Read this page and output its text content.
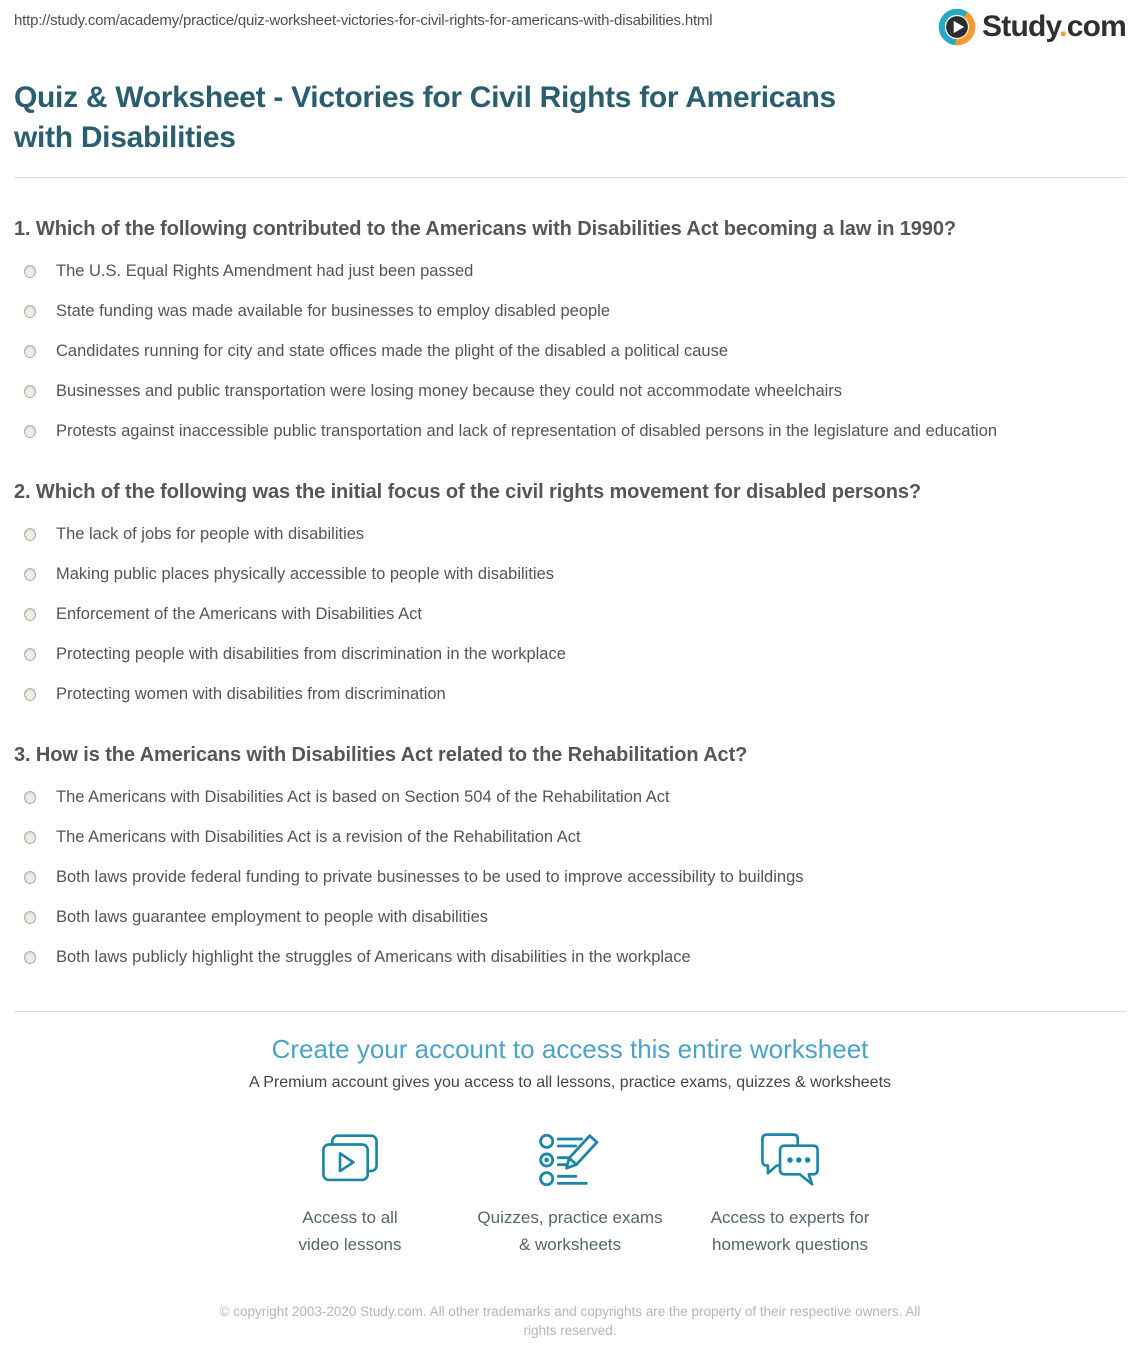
http://study.com/academy/practice/quiz-worksheet-victories-for-civil-rights-for-americans-with-disabilities.html	Study.com
Quiz & Worksheet - Victories for Civil Rights for Americans with Disabilities
1. Which of the following contributed to the Americans with Disabilities Act becoming a law in 1990?
The U.S. Equal Rights Amendment had just been passed
State funding was made available for businesses to employ disabled people
Candidates running for city and state offices made the plight of the disabled a political cause
Businesses and public transportation were losing money because they could not accommodate wheelchairs
Protests against inaccessible public transportation and lack of representation of disabled persons in the legislature and education
2. Which of the following was the initial focus of the civil rights movement for disabled persons?
The lack of jobs for people with disabilities
Making public places physically accessible to people with disabilities
Enforcement of the Americans with Disabilities Act
Protecting people with disabilities from discrimination in the workplace
Protecting women with disabilities from discrimination
3. How is the Americans with Disabilities Act related to the Rehabilitation Act?
The Americans with Disabilities Act is based on Section 504 of the Rehabilitation Act
The Americans with Disabilities Act is a revision of the Rehabilitation Act
Both laws provide federal funding to private businesses to be used to improve accessibility to buildings
Both laws guarantee employment to people with disabilities
Both laws publicly highlight the struggles of Americans with disabilities in the workplace
Create your account to access this entire worksheet
A Premium account gives you access to all lessons, practice exams, quizzes & worksheets
Access to all
video lessons
Quizzes, practice exams
& worksheets
Access to experts for
homework questions
© copyright 2003-2020 Study.com. All other trademarks and copyrights are the property of their respective owners. All rights reserved.
